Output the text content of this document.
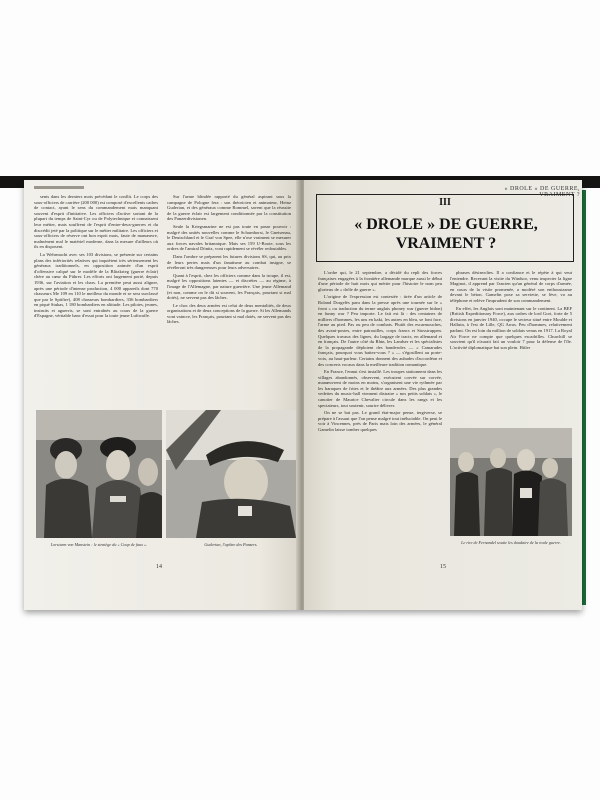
sents dans les derniers mois précédant le conflit. Le corps des sous-officiers de carrière (200 000) est composé d'excellents cadres de contact, ayant le sens du commandement mais manquant souvent d'esprit d'initiative. Les officiers d'active sortant de la plupart du temps de Saint-Cyr ou de Polytechnique et connaissent leur métier, mais souffrent de l'esprit d'entre-deux-guerres et du discrédit jeté par la politique sur le métier militaire. Les officiers et sous-officiers de réserve ont bon esprit mais, faute de manœuvre, malmènent mal le matériel moderne, dans la mesure d'ailleurs où ils en disposent.

La Wehrmacht avec ses 103 divisions, se présente sur certains plans des infériorités relatives qui inquiètent très sérieusement les généraux traditionnels, en opposition animée d'un esprit d'offensive calqué sur le modèle de la Blitzkrieg (guerre éclair) chère au cœur du Führer. Les efforts ont largement porté, depuis 1936, sur l'aviation et les chars. La première peut aussi aligner, après une période d'intense production, 4 000 appareils dont 770 chasseurs Me 109 en 110 le meilleur du monde et se sera surclassé que par le Spitfire), 408 chasseurs bombardiers, 336 bombardiers en piqué Stukas, 1 180 bombardiers en altitude. Les pilotes, jeunes, instruits et aguerris, se sont entraînés au cours de la guerre d'Espagne, véritable banc d'essai pour la toute jeune Luftwaffe.

Sur l'arme blindée rapporté du général aspirant sous la campagne de Pologne fera : son théoricien et animateur, Heinz Guderian, et des généraux comme Rommel, savent que la réussite de la guerre éclair est largement conditionnée par la constitution des Panzerdivisionen.

Seule la Kriegsmarine ne est pas toute en passe pouvoir : malgré des unités nouvelles comme le Scharnhorst, le Gneisenau, le Deutschland et le Graf von Spee, elle n'ose vraiment se mesurer aux forces navales britannique. Mais ses 159 U-Boote, sous les ordres de l'amiral Dönitz, vont rapidement se révéler redoutables.

Dans l'ombre se préparent les futures divisions SS, qui, au prix de leurs pertes mais d'un fanatisme au combat insigne, se révéleront très dangereuses pour leurs adversaires.

Quant à l'esprit, chez les officiers comme dans la troupe, il est, malgré les oppositions latentes — et discrètes — au régime, à l'image de l'Allemagne, par nature guerrière. Une jeune Allemand (et non, comme on le dit si souvent, les Français, pourtant si mal dotés), ne servent pas des lâches.

Le choc des deux armées est celui de deux mentalités, de deux organisations et de deux conceptions de la guerre. Si les Allemands vont vaincre, les Français, pourtant si mal dotés, ne servent pas des lâches.

Lorsturm von Manstein : le stratège du « Coup de faux ».	Guderian, l'apôtre des Panzers.
14
« DROLE » DE GUERRE, VRAIMENT ?
III
« DROLE » DE GUERRE,
VRAIMENT ?

L'ordre qui, le 21 septembre, a décidé du repli des forces françaises engagées à la frontière allemande marque aussi le début d'une période de huit mois qui mérite pour l'histoire le nom peu glorieux de « drôle de guerre ».

L'origine de l'expression est contestée : tirée d'un article de Roland Dorgelès paru dans la presse après une tournée sur le « front » ou traduction du terme anglais phoney war (guerre bidon) en funny war ? Peu importe. Le fait est là : des centaines de milliers d'hommes, les uns en kaki, les autres en bleu, se font face, l'arme au pied. Pas ou peu de combats. Plutôt des escarmouches, des avant-postes, entre patrouilles, corps francs et Stosstruppen. Quelques travaux des lignes, du largage de tracts, en allemand et en français. De l'autre côté du Rhin, les Landser et les spécialistes de la propagande déploient des banderoles — « Camarades français, pourquoi vous battez-vous ? » — s'égosillent au porte-voix, au haut-parleur. Certains donnent des aubades d'accordéon et des concerts vocaux dans la meilleure tradition romantique.

En France, l'ennui s'est installé. Les troupes stationnent dans les villages abandonnés, observent, exécutent corvée sur corvée, manœuvrent de moins en moins, s'organisent une vie rythmée par les baraques de frites et le théâtre aux armées. Des plus grandes vedettes du music-hall viennent distraire « nos petits soldats », le canotier de Maurice Chevalier circule dans les rangs et les spectateurs, tout soutenir, sourire délivrer.

On ne se bat pas. Le grand état-major pense, tergiverse, se prépare à l'assaut que l'on pense malgré tout inéluctable. On peut le voir à Vincennes, près de Paris mais loin des armées, le général Gamelin laisse tomber quelques

phrases désinvoltes. Il a confiance et le répète à qui veut l'entendre. Recevant la visite du Windsor, venu inspecter la ligne Maginot, il apprend par l'ancien qu'un général de corps d'armée, en cours de la visite promenée, a modéré son enthousiasme devant le béton. Gamelin pose sa serviette, se lève, va au téléphone et relève l'imprudent de son commandement.

En effet, les Anglais sont maintenant sur le continent. La BEF (British Expeditionary Force), aux ordres de lord Gort, forte de 5 divisions en janvier 1940, occupe le secteur situé entre Moulde et Halluin, à l'est de Lille, QG Arras. Peu d'hommes, relativement parlant. On est loin du million de soldats venus en 1917. La Royal Air Force ne compte que quelques escadrilles. Churchill se souvient qu'il n'aurait fait un vouloir 7 pour la défense de l'île. L'activité diplomatique bat son plein. Hitler

Le rire de Fernandel soutie les doudaire de la roule guerre.
15
